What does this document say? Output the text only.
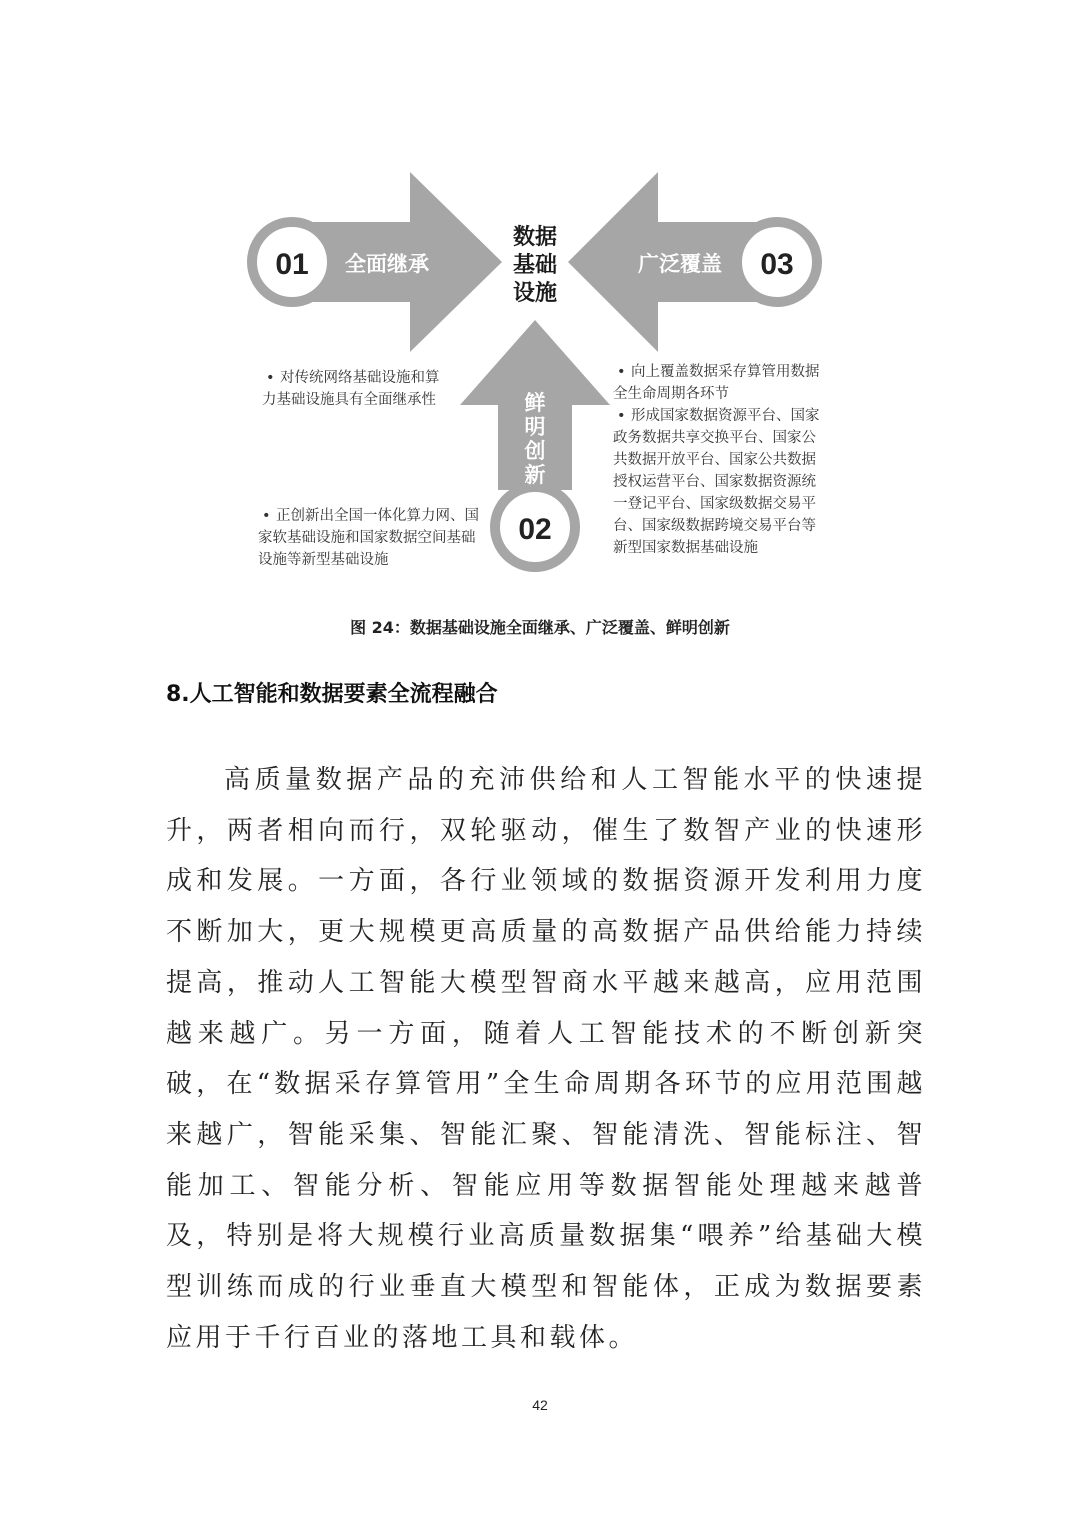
01 全面继承	03
广泛覆盖
02
鲜
明
创
新
数据
基础
设施
• 对传统网络基础设施和算力基础设施具有全面继承性
• 正创新出全国一体化算力网、国家软基础设施和国家数据空间基础设施等新型基础设施
• 向上覆盖数据采存算管用数据全生命周期各环节
• 形成国家数据资源平台、国家政务数据共享交换平台、国家公共数据开放平台、国家公共数据授权运营平台、国家数据资源统一登记平台、国家级数据交易平台、国家级数据跨境交易平台等新型国家数据基础设施
图 24：数据基础设施全面继承、广泛覆盖、鲜明创新
8.人工智能和数据要素全流程融合

高质量数据产品的充沛供给和人工智能水平的快速提升，两者相向而行，双轮驱动，催生了数智产业的快速形成和发展。一方面，各行业领域的数据资源开发利用力度不断加大，更大规模更高质量的高数据产品供给能力持续提高，推动人工智能大模型智商水平越来越高，应用范围越来越广。另一方面，随着人工智能技术的不断创新突破，在“数据采存算管用”全生命周期各环节的应用范围越来越广，智能采集、智能汇聚、智能清洗、智能标注、智能加工、智能分析、智能应用等数据智能处理越来越普及，特别是将大规模行业高质量数据集“喂养”给基础大模型训练而成的行业垂直大模型和智能体，正成为数据要素应用于千行百业的落地工具和载体。

42
